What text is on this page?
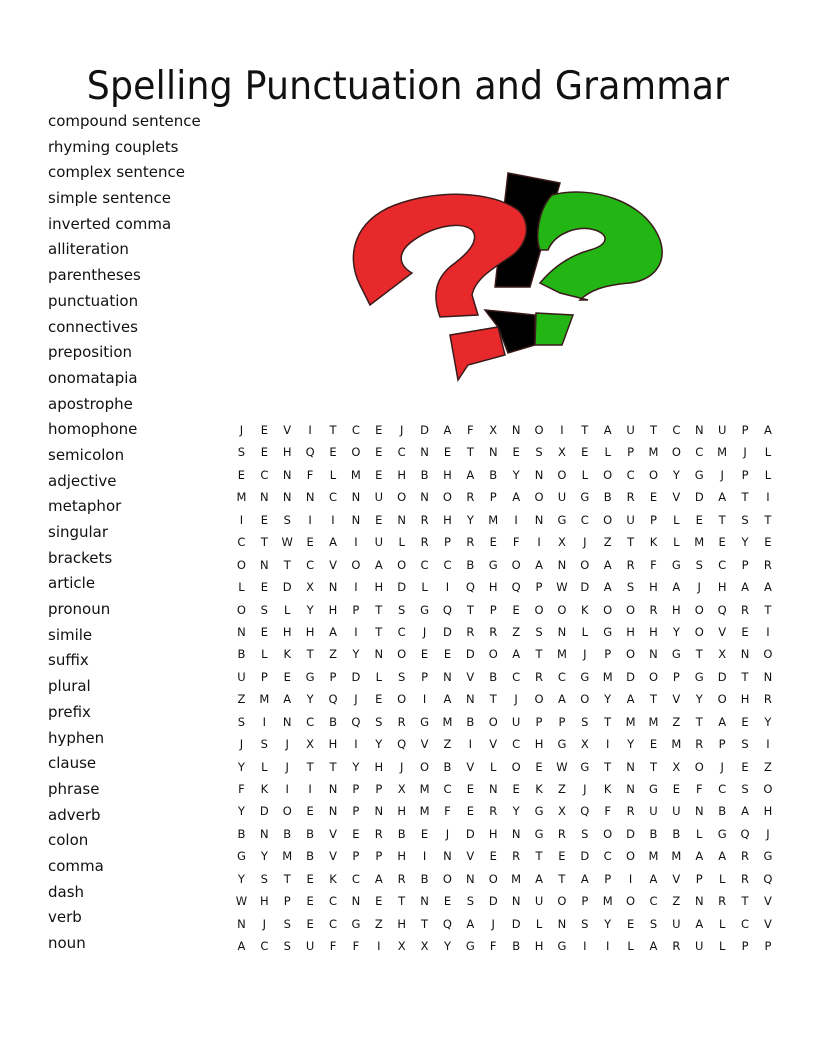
Spelling Punctuation and Grammar
compound sentence
rhyming couplets
complex sentence
simple sentence
inverted comma
alliteration
parentheses
punctuation
connectives
preposition
onomatapia
apostrophe
homophone
semicolon
adjective
metaphor
singular
brackets
article
pronoun
simile
suffix
plural
prefix
hyphen
clause
phrase
adverb
colon
comma
dash
verb
noun
J	E	V	I	T	C	E	J	D	A	F	X	N	O	I	T	A	U	T	C	N	U	P	A
S	E	H	Q	E	O	E	C	N	E	T	N	E	S	X	E	L	P	M	O	C	M	J	L
E	C	N	F	L	M	E	H	B	H	A	B	Y	N	O	L	O	C	O	Y	G	J	P	L
M	N	N	N	C	N	U	O	N	O	R	P	A	O	U	G	B	R	E	V	D	A	T	I
I	E	S	I	I	N	E	N	R	H	Y	M	I	N	G	C	O	U	P	L	E	T	S	T
C	T	W	E	A	I	U	L	R	P	R	E	F	I	X	J	Z	T	K	L	M	E	Y	E
O	N	T	C	V	O	A	O	C	C	B	G	O	A	N	O	A	R	F	G	S	C	P	R
L	E	D	X	N	I	H	D	L	I	Q	H	Q	P	W	D	A	S	H	A	J	H	A	A
O	S	L	Y	H	P	T	S	G	Q	T	P	E	O	O	K	O	O	R	H	O	Q	R	T
N	E	H	H	A	I	T	C	J	D	R	R	Z	S	N	L	G	H	H	Y	O	V	E	I
B	L	K	T	Z	Y	N	O	E	E	D	O	A	T	M	J	P	O	N	G	T	X	N	O
U	P	E	G	P	D	L	S	P	N	V	B	C	R	C	G	M	D	O	P	G	D	T	N
Z	M	A	Y	Q	J	E	O	I	A	N	T	J	O	A	O	Y	A	T	V	Y	O	H	R
S	I	N	C	B	Q	S	R	G	M	B	O	U	P	P	S	T	M	M	Z	T	A	E	Y
J	S	J	X	H	I	Y	Q	V	Z	I	V	C	H	G	X	I	Y	E	M	R	P	S	I
Y	L	J	T	T	Y	H	J	O	B	V	L	O	E	W	G	T	N	T	X	O	J	E	Z
F	K	I	I	N	P	P	X	M	C	E	N	E	K	Z	J	K	N	G	E	F	C	S	O
Y	D	O	E	N	P	N	H	M	F	E	R	Y	G	X	Q	F	R	U	U	N	B	A	H
B	N	B	B	V	E	R	B	E	J	D	H	N	G	R	S	O	D	B	B	L	G	Q	J
G	Y	M	B	V	P	P	H	I	N	V	E	R	T	E	D	C	O	M	M	A	A	R	G
Y	S	T	E	K	C	A	R	B	O	N	O	M	A	T	A	P	I	A	V	P	L	R	Q
W	H	P	E	C	N	E	T	N	E	S	D	N	U	O	P	M	O	C	Z	N	R	T	V
N	J	S	E	C	G	Z	H	T	Q	A	J	D	L	N	S	Y	E	S	U	A	L	C	V
A	C	S	U	F	F	I	X	X	Y	G	F	B	H	G	I	I	L	A	R	U	L	P	P
